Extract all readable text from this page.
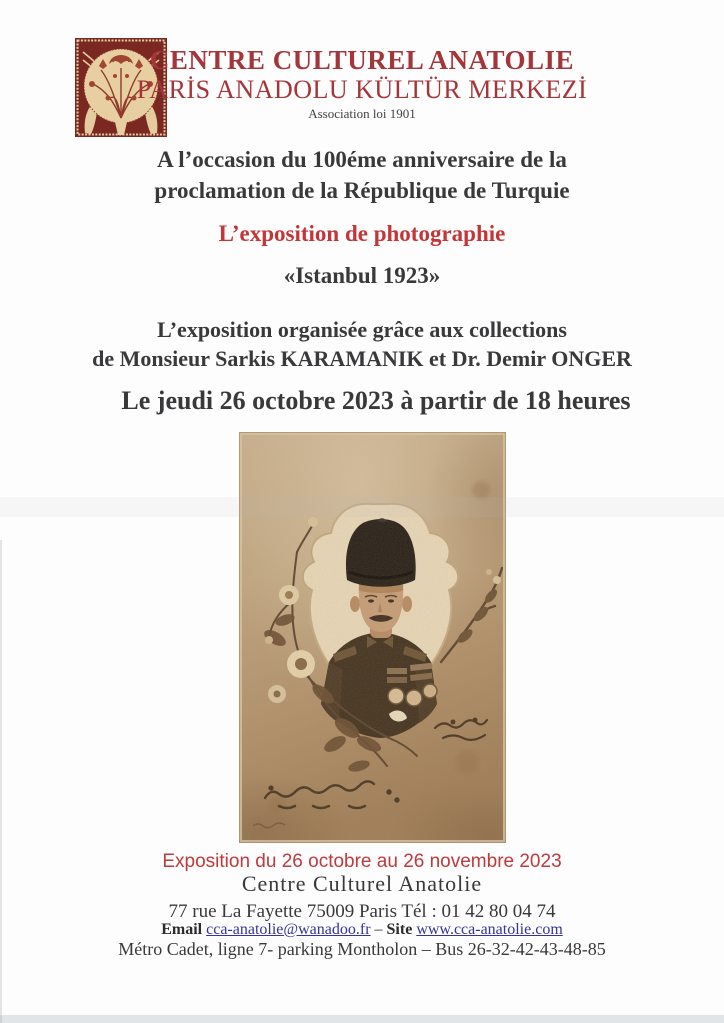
CENTRE CULTUREL ANATOLIE
PARİS ANADOLU KÜLTÜR MERKEZİ
Association loi 1901
A l’occasion du 100éme anniversaire de la
proclamation de la République de Turquie
L’exposition de photographie
«Istanbul 1923»
L’exposition organisée grâce aux collections
de Monsieur Sarkis KARAMANIK et Dr. Demir ONGER
Le jeudi 26 octobre 2023 à partir de 18 heures
Exposition du 26 octobre au 26 novembre 2023
Centre Culturel Anatolie
77 rue La Fayette 75009 Paris Tél : 01 42 80 04 74
Email cca-anatolie@wanadoo.fr – Site www.cca-anatolie.com
Métro Cadet, ligne 7- parking Montholon – Bus 26-32-42-43-48-85
